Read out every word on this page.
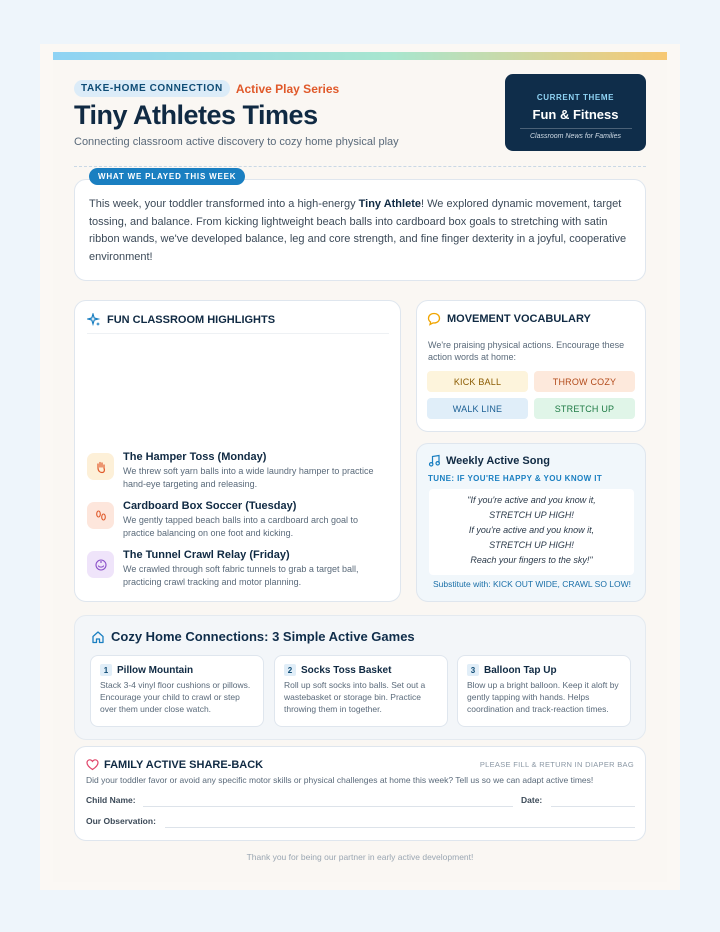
TAKE-HOME CONNECTION	Active Play Series
Tiny Athletes Times
Connecting classroom active discovery to cozy home physical play
CURRENT THEME
Fun & Fitness
Classroom News for Families

This week, your toddler transformed into a high-energy Tiny Athlete! We explored dynamic movement, target tossing, and balance. From kicking lightweight beach balls into cardboard box goals to stretching with satin ribbon wands, we've developed balance, leg and core strength, and fine finger dexterity in a joyful, cooperative environment!

WHAT WE PLAYED THIS WEEK
FUN CLASSROOM HIGHLIGHTS
The Hamper Toss (Monday)
We threw soft yarn balls into a wide laundry hamper to practice hand-eye targeting and releasing.
Cardboard Box Soccer (Tuesday)
We gently tapped beach balls into a cardboard arch goal to practice balancing on one foot and kicking.
The Tunnel Crawl Relay (Friday)
We crawled through soft fabric tunnels to grab a target ball, practicing crawl tracking and motor planning.
MOVEMENT VOCABULARY
We're praising physical actions. Encourage these action words at home:
KICK BALL	THROW COZY
WALK LINE	STRETCH UP
Weekly Active Song
TUNE: IF YOU'RE HAPPY & YOU KNOW IT
"If you're active and you know it,
STRETCH UP HIGH!
If you're active and you know it,
STRETCH UP HIGH!
Reach your fingers to the sky!"
Substitute with: KICK OUT WIDE, CRAWL SO LOW!
Cozy Home Connections: 3 Simple Active Games
1 Pillow Mountain
Stack 3-4 vinyl floor cushions or pillows. Encourage your child to crawl or step over them under close watch.
2 Socks Toss Basket
Roll up soft socks into balls. Set out a wastebasket or storage bin. Practice throwing them in together.
3 Balloon Tap Up
Blow up a bright balloon. Keep it aloft by gently tapping with hands. Helps coordination and track-reaction times.
FAMILY ACTIVE SHARE-BACK	PLEASE FILL & RETURN IN DIAPER BAG
Did your toddler favor or avoid any specific motor skills or physical challenges at home this week? Tell us so we can adapt active times!
Child Name:	Date:
Our Observation:
Thank you for being our partner in early active development!
